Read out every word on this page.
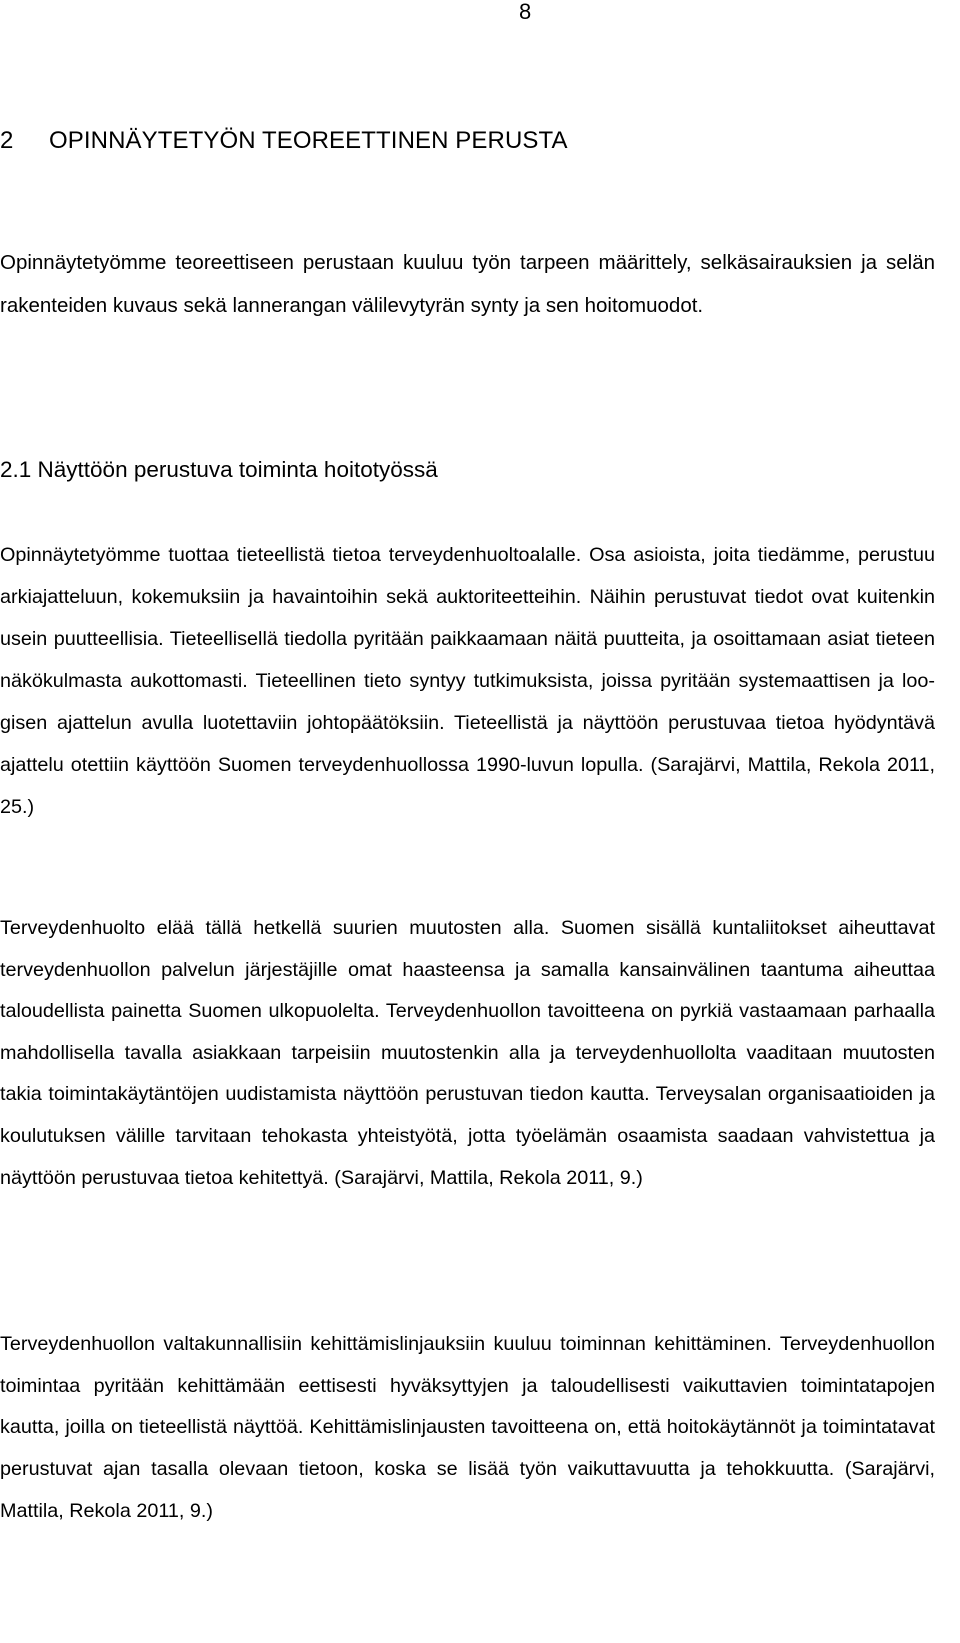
8
2 OPINNÄYTETYÖN TEOREETTINEN PERUSTA

Opinnäytetyömme teoreettiseen perustaan kuuluu työn tarpeen määrittely, selkäsairauksien ja selän rakenteiden kuvaus sekä lannerangan välilevytyrän synty ja sen hoitomuodot.

2.1 Näyttöön perustuva toiminta hoitotyössä

Opinnäytetyömme tuottaa tieteellistä tietoa terveydenhuoltoalalle. Osa asioista, joita tiedämme, perustuu arkiajatteluun, kokemuksiin ja havaintoihin sekä auktoriteetteihin. Näihin perustuvat tiedot ovat kuitenkin usein puutteellisia. Tieteellisellä tiedolla pyritään paikkaamaan näitä puutteita, ja osoittamaan asiat tieteen näkökulmasta aukottomasti. Tieteellinen tieto syntyy tutkimuksista, joissa pyritään systemaattisen ja loogisen ajattelun avulla luotettaviin johtopäätöksiin. Tieteellistä ja näyttöön perustuvaa tietoa hyödyntävä ajattelu otettiin käyttöön Suomen terveydenhuollossa 1990-luvun lopulla. (Sarajärvi, Mattila, Rekola 2011, 25.)

Terveydenhuolto elää tällä hetkellä suurien muutosten alla. Suomen sisällä kuntaliitokset aiheuttavat terveydenhuollon palvelun järjestäjille omat haasteensa ja samalla kansainvälinen taantuma aiheuttaa taloudellista painetta Suomen ulkopuolelta. Terveydenhuollon tavoitteena on pyrkiä vastaamaan parhaalla mahdollisella tavalla asiakkaan tarpeisiin muutostenkin alla ja terveydenhuollolta vaaditaan muutosten takia toimintakäytäntöjen uudistamista näyttöön perustuvan tiedon kautta. Terveysalan organisaatioiden ja koulutuksen välille tarvitaan tehokasta yhteistyötä, jotta työelämän osaamista saadaan vahvistettua ja näyttöön perustuvaa tietoa kehitettyä. (Sarajärvi, Mattila, Rekola 2011, 9.)

Terveydenhuollon valtakunnallisiin kehittämislinjauksiin kuuluu toiminnan kehittäminen. Terveydenhuollon toimintaa pyritään kehittämään eettisesti hyväksyttyjen ja taloudellisesti vaikuttavien toimintatapojen kautta, joilla on tieteellistä näyttöä. Kehittämislinjausten tavoitteena on, että hoitokäytännöt ja toimintatavat perustuvat ajan tasalla olevaan tietoon, koska se lisää työn vaikuttavuutta ja tehokkuutta. (Sarajärvi, Mattila, Rekola 2011, 9.)
